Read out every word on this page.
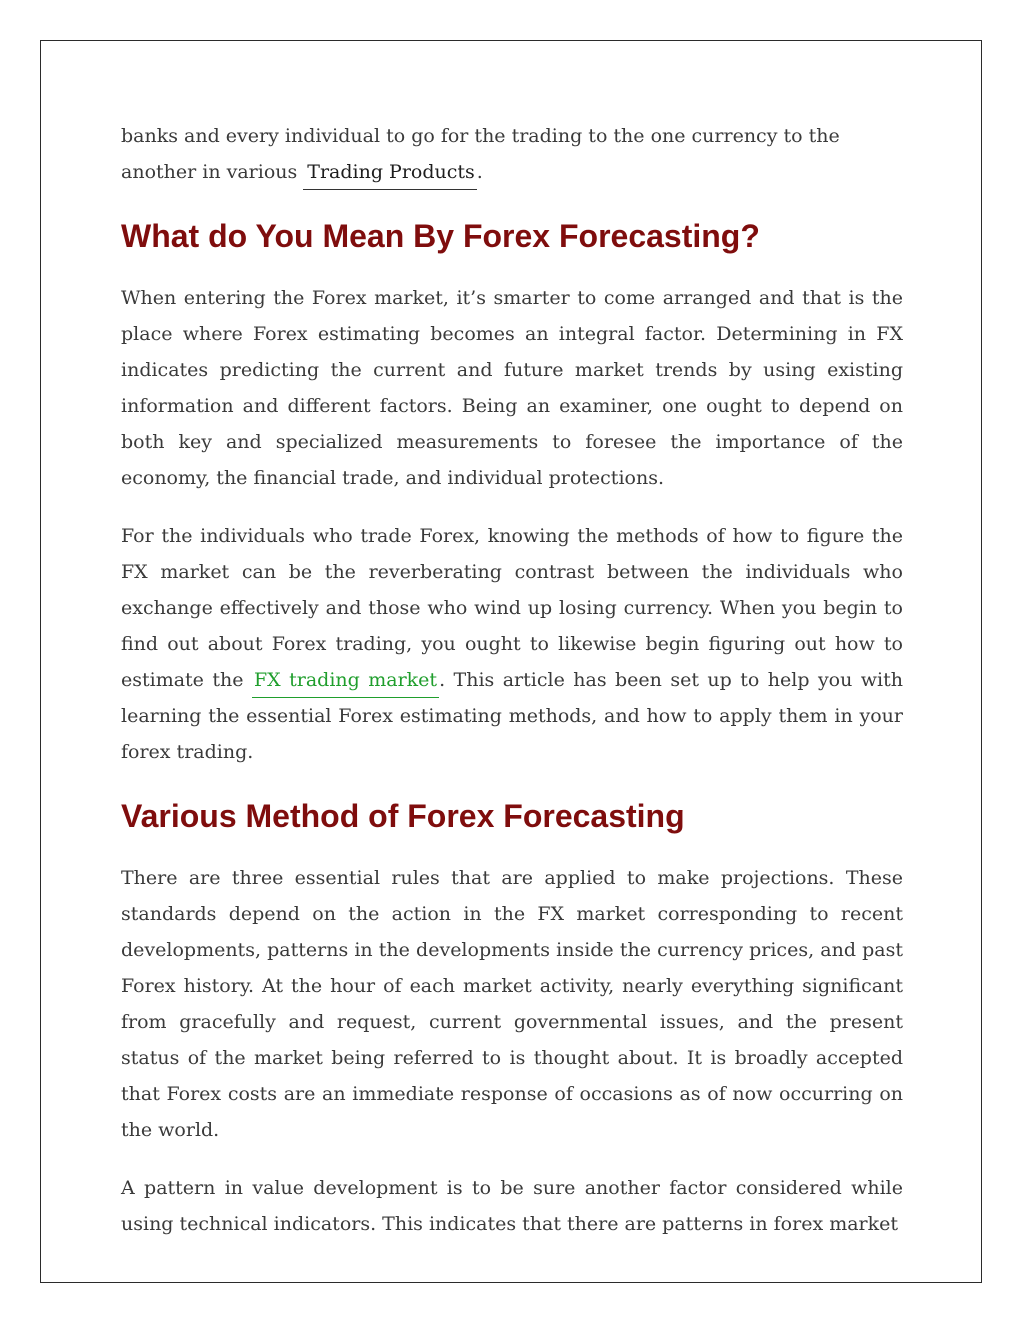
banks and every individual to go for the trading to the one currency to the
another in various Trading Products .

What do You Mean By Forex Forecasting?

When entering the Forex market, it’s smarter to come arranged and that is the place where Forex estimating becomes an integral factor. Determining in FX indicates predicting the current and future market trends by using existing information and different factors. Being an examiner, one ought to depend on both key and specialized measurements to foresee the importance of the economy, the financial trade, and individual protections.

For the individuals who trade Forex, knowing the methods of how to figure the FX market can be the reverberating contrast between the individuals who exchange effectively and those who wind up losing currency. When you begin to find out about Forex trading, you ought to likewise begin figuring out how to estimate the FX trading market . This article has been set up to help you with learning the essential Forex estimating methods, and how to apply them in your forex trading.

Various Method of Forex Forecasting

There are three essential rules that are applied to make projections. These standards depend on the action in the FX market corresponding to recent developments, patterns in the developments inside the currency prices, and past Forex history. At the hour of each market activity, nearly everything significant from gracefully and request, current governmental issues, and the present status of the market being referred to is thought about. It is broadly accepted that Forex costs are an immediate response of occasions as of now occurring on the world.

A pattern in value development is to be sure another factor considered while using technical indicators. This indicates that there are patterns in forex market
